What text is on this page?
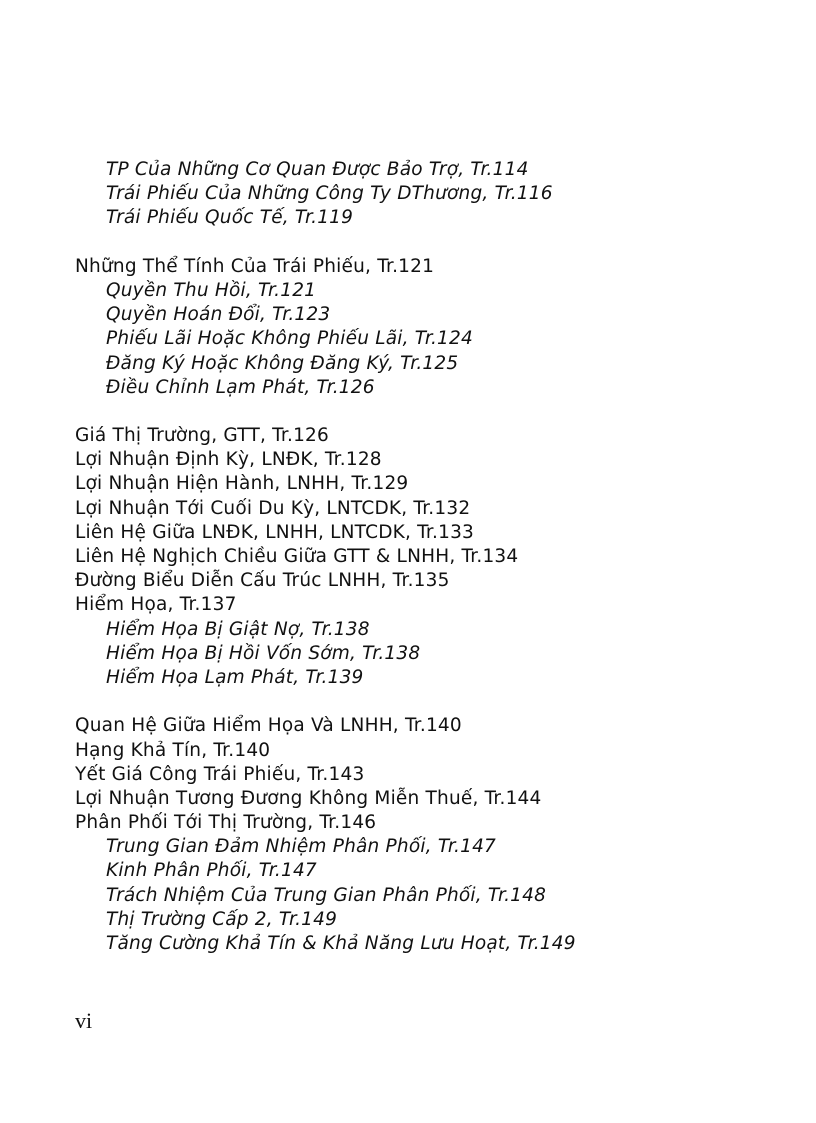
TP Của Những Cơ Quan Được Bảo Trợ, Tr.114
Trái Phiếu Của Những Công Ty DThương, Tr.116
Trái Phiếu Quốc Tế, Tr.119
Những Thể Tính Của Trái Phiếu, Tr.121
Quyền Thu Hồi, Tr.121
Quyền Hoán Đổi, Tr.123
Phiếu Lãi Hoặc Không Phiếu Lãi, Tr.124
Đăng Ký Hoặc Không Đăng Ký, Tr.125
Điều Chỉnh Lạm Phát, Tr.126
Giá Thị Trường, GTT, Tr.126
Lợi Nhuận Định Kỳ, LNĐK, Tr.128
Lợi Nhuận Hiện Hành, LNHH, Tr.129
Lợi Nhuận Tới Cuối Du Kỳ, LNTCDK, Tr.132
Liên Hệ Giữa LNĐK, LNHH, LNTCDK, Tr.133
Liên Hệ Nghịch Chiều Giữa GTT & LNHH, Tr.134
Đường Biểu Diễn Cấu Trúc LNHH, Tr.135
Hiểm Họa, Tr.137
Hiểm Họa Bị Giật Nợ, Tr.138
Hiểm Họa Bị Hồi Vốn Sớm, Tr.138
Hiểm Họa Lạm Phát, Tr.139
Quan Hệ Giữa Hiểm Họa Và LNHH, Tr.140
Hạng Khả Tín, Tr.140
Yết Giá Công Trái Phiếu, Tr.143
Lợi Nhuận Tương Đương Không Miễn Thuế, Tr.144
Phân Phối Tới Thị Trường, Tr.146
Trung Gian Đảm Nhiệm Phân Phối, Tr.147
Kinh Phân Phối, Tr.147
Trách Nhiệm Của Trung Gian Phân Phối, Tr.148
Thị Trường Cấp 2, Tr.149
Tăng Cường Khả Tín & Khả Năng Lưu Hoạt, Tr.149
vi
